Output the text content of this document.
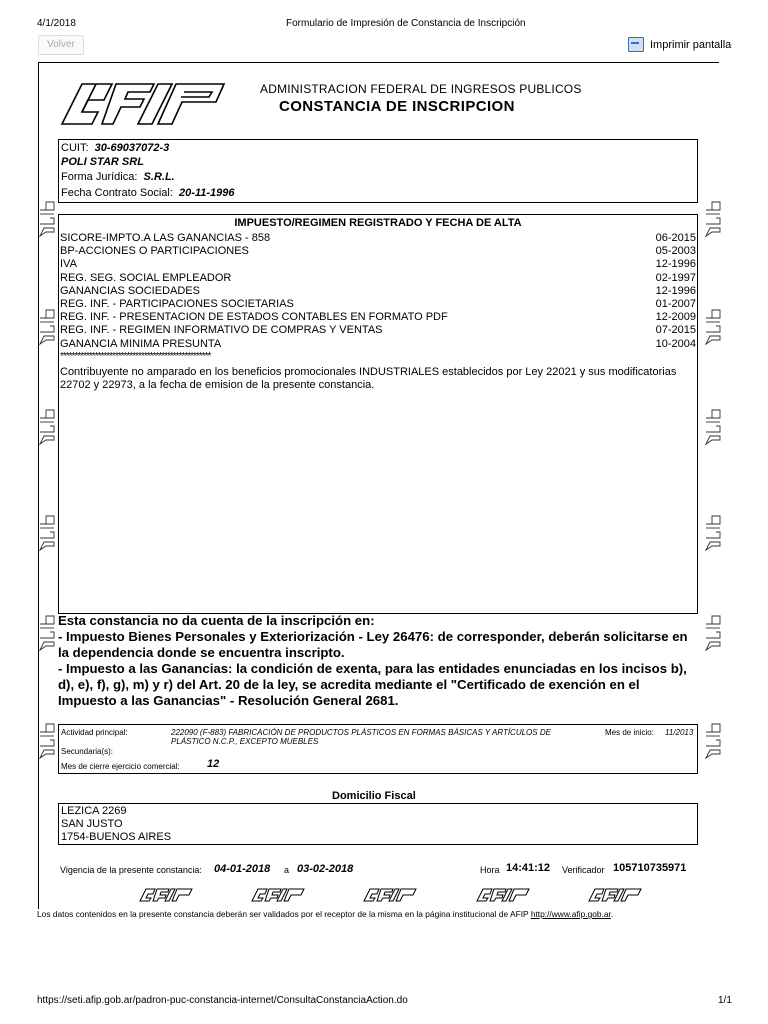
4/1/2018	Formulario de Impresión de Constancia de Inscripción
Volver	Imprimir pantalla
ADMINISTRACION FEDERAL DE INGRESOS PUBLICOS
CONSTANCIA DE INSCRIPCION
CUIT: 30-69037072-3
POLI STAR SRL
Forma Jurídica: S.R.L.
Fecha Contrato Social: 20-11-1996
IMPUESTO/REGIMEN REGISTRADO Y FECHA DE ALTA
SICORE-IMPTO.A LAS GANANCIAS - 858	06-2015
BP-ACCIONES O PARTICIPACIONES	05-2003
IVA	12-1996
REG. SEG. SOCIAL EMPLEADOR	02-1997
GANANCIAS SOCIEDADES	12-1996
REG. INF. - PARTICIPACIONES SOCIETARIAS	01-2007
REG. INF. - PRESENTACION DE ESTADOS CONTABLES EN FORMATO PDF	12-2009
REG. INF. - REGIMEN INFORMATIVO DE COMPRAS Y VENTAS	07-2015
GANANCIA MINIMA PRESUNTA	10-2004
****************************************************
Contribuyente no amparado en los beneficios promocionales INDUSTRIALES establecidos por Ley 22021 y sus modificatorias 22702 y 22973, a la fecha de emision de la presente constancia.
Esta constancia no da cuenta de la inscripción en:
- Impuesto Bienes Personales y Exteriorización - Ley 26476: de corresponder, deberán solicitarse en la dependencia donde se encuentra inscripto.
- Impuesto a las Ganancias: la condición de exenta, para las entidades enunciadas en los incisos b), d), e), f), g), m) y r) del Art. 20 de la ley, se acredita mediante el "Certificado de exención en el Impuesto a las Ganancias" - Resolución General 2681.
Actividad principal:	222090 (F-883) FABRICACIÓN DE PRODUCTOS PLÁSTICOS EN FORMAS BÁSICAS Y ARTÍCULOS DE PLÁSTICO N.C.P., EXCEPTO MUEBLES
Mes de inicio: 11/2013
Secundaria(s):
Mes de cierre ejercicio comercial: 12
Domicilio Fiscal
LEZICA 2269
SAN JUSTO
1754-BUENOS AIRES
Vigencia de la presente constancia: 04-01-2018 a 03-02-2018	Hora 14:41:12 Verificador 105710735971
Los datos contenidos en la presente constancia deberán ser validados por el receptor de la misma en la página institucional de AFIP http://www.afip.gob.ar.
https://seti.afip.gob.ar/padron-puc-constancia-internet/ConsultaConstanciaAction.do	1/1
